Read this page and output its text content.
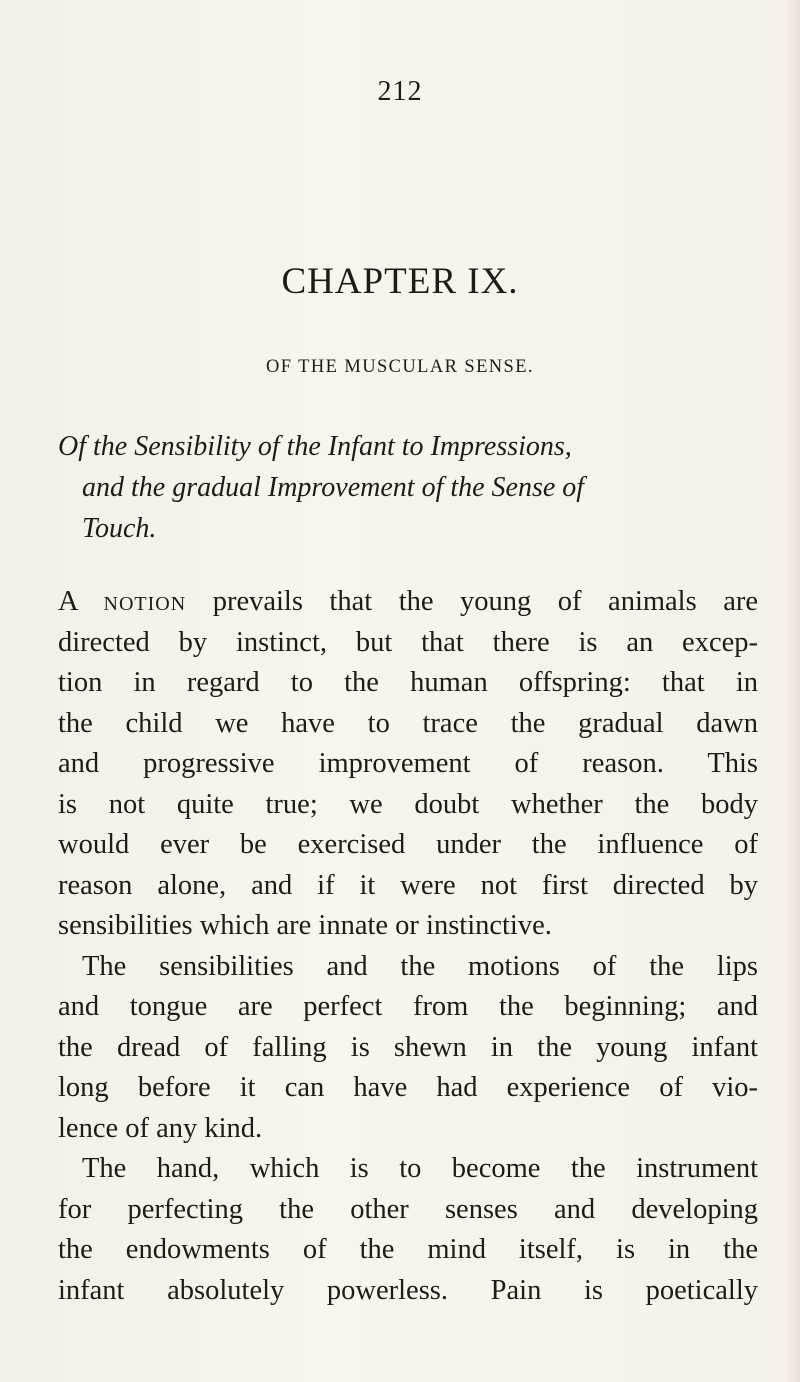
212
CHAPTER IX.
OF THE MUSCULAR SENSE.
Of the Sensibility of the Infant to Impressions,
and the gradual Improvement of the Sense of
Touch.
A notion prevails that the young of animals are
directed by instinct, but that there is an excep-
tion in regard to the human offspring: that in
the child we have to trace the gradual dawn
and progressive improvement of reason. This
is not quite true; we doubt whether the body
would ever be exercised under the influence of
reason alone, and if it were not first directed by
sensibilities which are innate or instinctive.
The sensibilities and the motions of the lips
and tongue are perfect from the beginning; and
the dread of falling is shewn in the young infant
long before it can have had experience of vio-
lence of any kind.
The hand, which is to become the instrument
for perfecting the other senses and developing
the endowments of the mind itself, is in the
infant absolutely powerless. Pain is poetically
